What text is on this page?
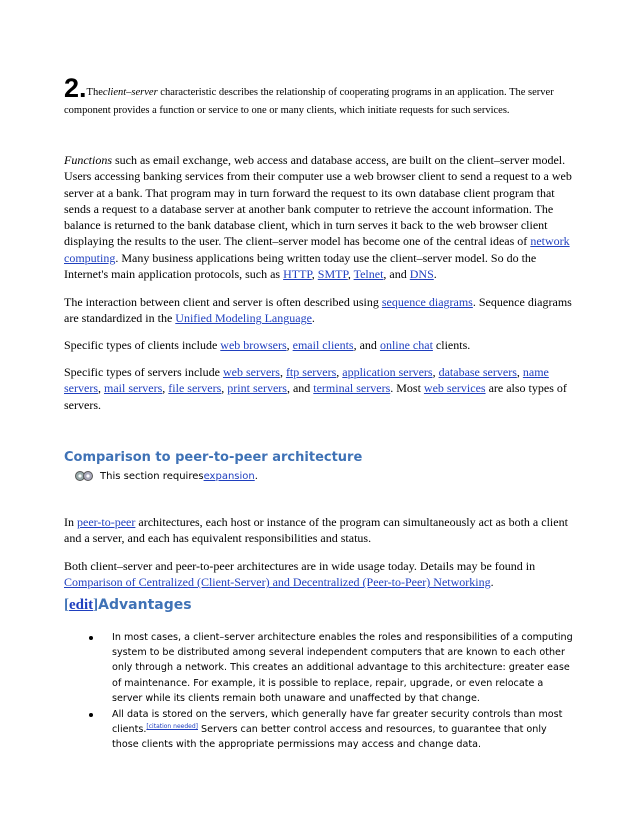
2.Theclient–server characteristic describes the relationship of cooperating programs in an application. The server component provides a function or service to one or many clients, which initiate requests for such services.

Functions such as email exchange, web access and database access, are built on the client–server model. Users accessing banking services from their computer use a web browser client to send a request to a web server at a bank. That program may in turn forward the request to its own database client program that sends a request to a database server at another bank computer to retrieve the account information. The balance is returned to the bank database client, which in turn serves it back to the web browser client displaying the results to the user. The client–server model has become one of the central ideas of network computing. Many business applications being written today use the client–server model. So do the Internet's main application protocols, such as HTTP, SMTP, Telnet, and DNS.

The interaction between client and server is often described using sequence diagrams. Sequence diagrams are standardized in the Unified Modeling Language.

Specific types of clients include web browsers, email clients, and online chat clients.

Specific types of servers include web servers, ftp servers, application servers, database servers, name servers, mail servers, file servers, print servers, and terminal servers. Most web services are also types of servers.

Comparison to peer-to-peer architecture
This section requires expansion .

In peer-to-peer architectures, each host or instance of the program can simultaneously act as both a client and a server, and each has equivalent responsibilities and status.

Both client–server and peer-to-peer architectures are in wide usage today. Details may be found in Comparison of Centralized (Client-Server) and Decentralized (Peer-to-Peer) Networking.

[edit]Advantages
In most cases, a client–server architecture enables the roles and responsibilities of a computing system to be distributed among several independent computers that are known to each other only through a network. This creates an additional advantage to this architecture: greater ease of maintenance. For example, it is possible to replace, repair, upgrade, or even relocate a server while its clients remain both unaware and unaffected by that change.
All data is stored on the servers, which generally have far greater security controls than most clients.[citation needed] Servers can better control access and resources, to guarantee that only those clients with the appropriate permissions may access and change data.
